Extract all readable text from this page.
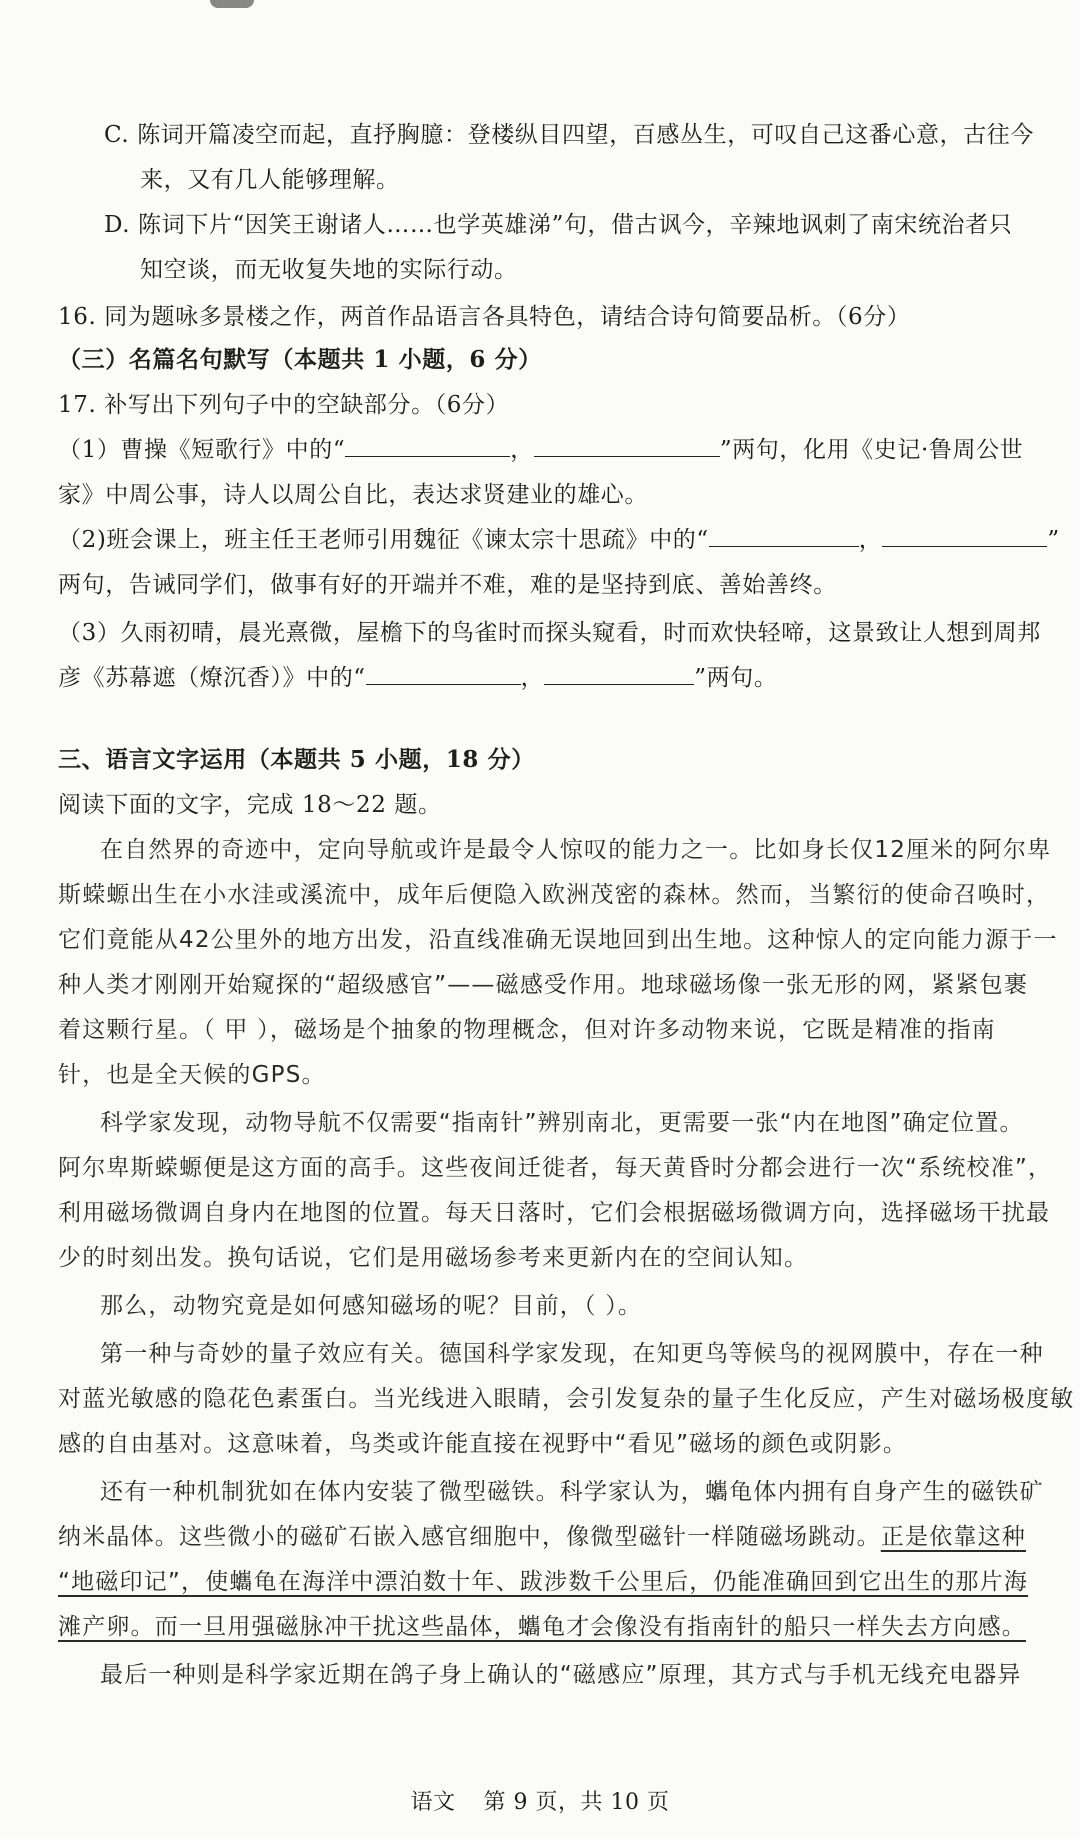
C. 陈词开篇凌空而起，直抒胸臆：登楼纵目四望，百感丛生，可叹自己这番心意，古往今
来，又有几人能够理解。
D. 陈词下片“因笑王谢诸人……也学英雄涕”句，借古讽今，辛辣地讽刺了南宋统治者只
知空谈，而无收复失地的实际行动。
16. 同为题咏多景楼之作，两首作品语言各具特色，请结合诗句简要品析。（6分）
（三）名篇名句默写（本题共 1 小题，6 分）
17. 补写出下列句子中的空缺部分。（6分）
（1）曹操《短歌行》中的“	，	”两句，化用《史记·鲁周公世
家》中周公事，诗人以周公自比，表达求贤建业的雄心。
（2)班会课上，班主任王老师引用魏征《谏太宗十思疏》中的“	，	”
两句，告诫同学们，做事有好的开端并不难，难的是坚持到底、善始善终。
（3）久雨初晴，晨光熹微，屋檐下的鸟雀时而探头窥看，时而欢快轻啼，这景致让人想到周邦
彦《苏幕遮（燎沉香）》中的“	，	”两句。
三、语言文字运用（本题共 5 小题，18 分）
阅读下面的文字，完成 18～22 题。
在自然界的奇迹中，定向导航或许是最令人惊叹的能力之一。比如身长仅12厘米的阿尔卑
斯蝾螈出生在小水洼或溪流中，成年后便隐入欧洲茂密的森林。然而，当繁衍的使命召唤时，
它们竟能从42公里外的地方出发，沿直线准确无误地回到出生地。这种惊人的定向能力源于一
种人类才刚刚开始窥探的“超级感官”——磁感受作用。地球磁场像一张无形的网，紧紧包裹
着这颗行星。（ 甲 ），磁场是个抽象的物理概念，但对许多动物来说，它既是精准的指南
针，也是全天候的GPS。
科学家发现，动物导航不仅需要“指南针”辨别南北，更需要一张“内在地图”确定位置。
阿尔卑斯蝾螈便是这方面的高手。这些夜间迁徙者，每天黄昏时分都会进行一次“系统校准”，
利用磁场微调自身内在地图的位置。每天日落时，它们会根据磁场微调方向，选择磁场干扰最
少的时刻出发。换句话说，它们是用磁场参考来更新内在的空间认知。
那么，动物究竟是如何感知磁场的呢？目前，（ ）。
第一种与奇妙的量子效应有关。德国科学家发现，在知更鸟等候鸟的视网膜中，存在一种
对蓝光敏感的隐花色素蛋白。当光线进入眼睛，会引发复杂的量子生化反应，产生对磁场极度敏
感的自由基对。这意味着，鸟类或许能直接在视野中“看见”磁场的颜色或阴影。
还有一种机制犹如在体内安装了微型磁铁。科学家认为，蠵龟体内拥有自身产生的磁铁矿
纳米晶体。这些微小的磁矿石嵌入感官细胞中，像微型磁针一样随磁场跳动。正是依靠这种
“地磁印记”，使蠵龟在海洋中漂泊数十年、跋涉数千公里后，仍能准确回到它出生的那片海
滩产卵。而一旦用强磁脉冲干扰这些晶体，蠵龟才会像没有指南针的船只一样失去方向感。
最后一种则是科学家近期在鸽子身上确认的“磁感应”原理，其方式与手机无线充电器异
语文 第 9 页，共 10 页
